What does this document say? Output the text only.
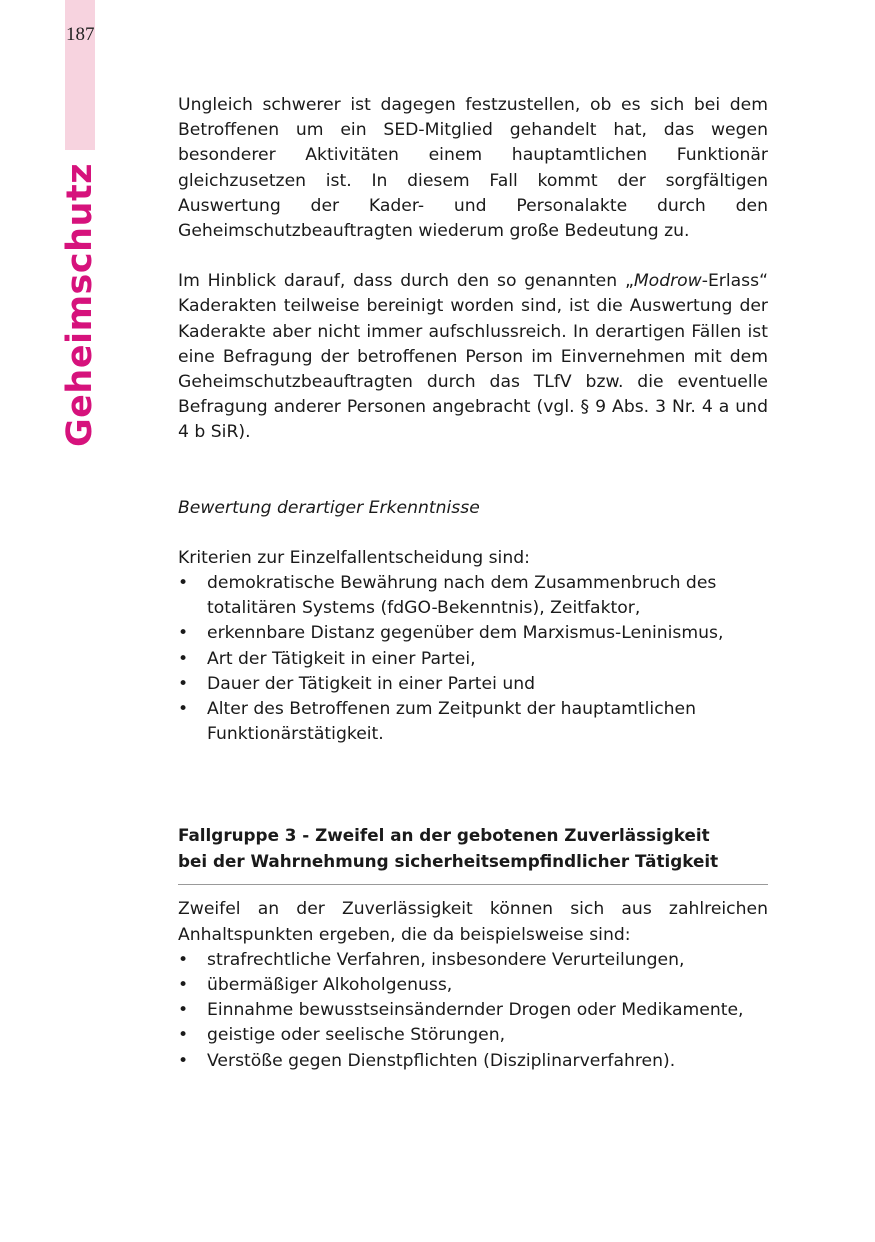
187
Geheimschutz

Ungleich schwerer ist dagegen festzustellen, ob es sich bei dem Betroffenen um ein SED-Mitglied gehandelt hat, das wegen besonderer Aktivitäten einem hauptamtlichen Funktionär gleichzusetzen ist. In diesem Fall kommt der sorgfältigen Auswertung der Kader- und Personalakte durch den Geheimschutzbeauftragten wiederum große Bedeutung zu.

Im Hinblick darauf, dass durch den so genannten „Modrow-Erlass“ Kaderakten teilweise bereinigt worden sind, ist die Auswertung der Kaderakte aber nicht immer aufschlussreich. In derartigen Fällen ist eine Befragung der betroffenen Person im Einvernehmen mit dem Geheimschutzbeauftragten durch das TLfV bzw. die eventuelle Befragung anderer Personen angebracht (vgl. § 9 Abs. 3 Nr. 4 a und 4 b SiR).

Bewertung derartiger Erkenntnisse

Kriterien zur Einzelfallentscheidung sind:

• demokratische Bewährung nach dem Zusammenbruch des totalitären Systems (fdGO-Bekenntnis), Zeitfaktor,
• erkennbare Distanz gegenüber dem Marxismus-Leninismus,
• Art der Tätigkeit in einer Partei,
• Dauer der Tätigkeit in einer Partei und
• Alter des Betroffenen zum Zeitpunkt der hauptamtlichen Funktionärstätigkeit.
Fallgruppe 3 - Zweifel an der gebotenen Zuverlässigkeit
bei der Wahrnehmung sicherheitsempfindlicher Tätigkeit

Zweifel an der Zuverlässigkeit können sich aus zahlreichen Anhaltspunkten ergeben, die da beispielsweise sind:

• strafrechtliche Verfahren, insbesondere Verurteilungen,
• übermäßiger Alkoholgenuss,
• Einnahme bewusstseinsändernder Drogen oder Medikamente,
• geistige oder seelische Störungen,
• Verstöße gegen Dienstpflichten (Disziplinarverfahren).
